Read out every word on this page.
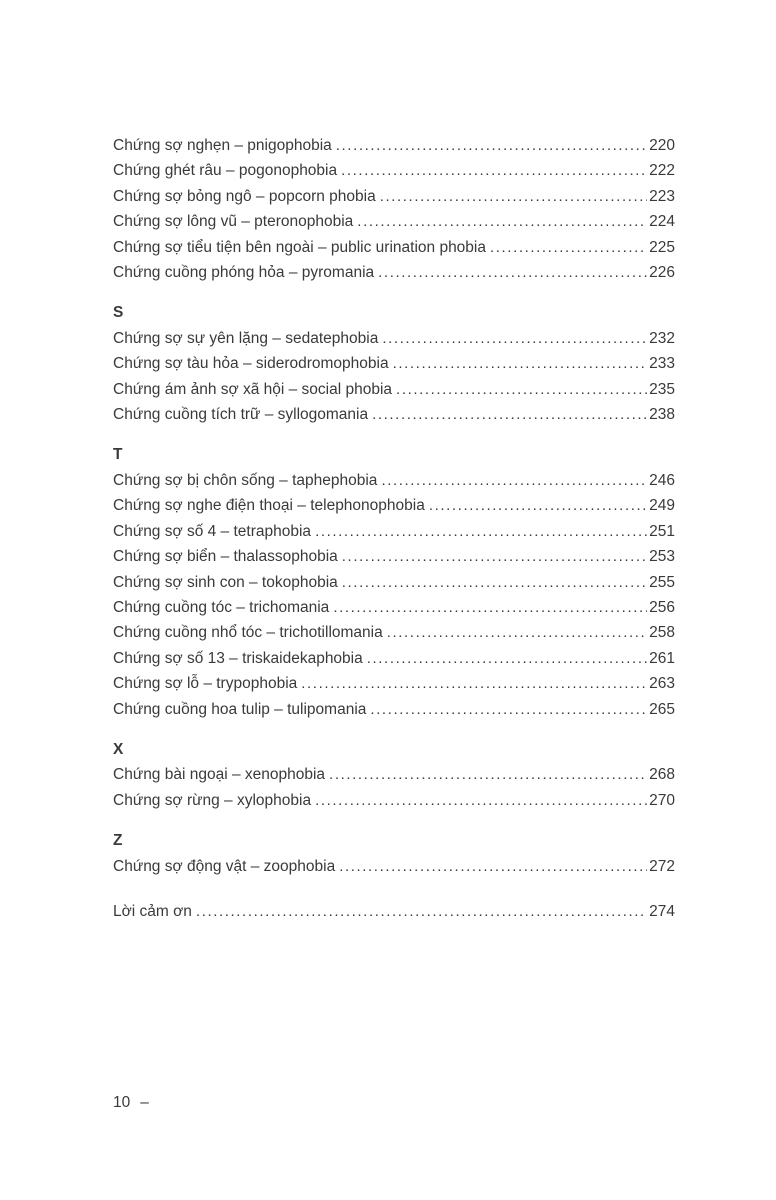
Chứng sợ nghẹn – pnigophobia .....	220
Chứng ghét râu – pogonophobia .....	222
Chứng sợ bỏng ngô – popcorn phobia .....	223
Chứng sợ lông vũ – pteronophobia .....	224
Chứng sợ tiểu tiện bên ngoài – public urination phobia .....	225
Chứng cuồng phóng hỏa – pyromania .....	226
S
Chứng sợ sự yên lặng – sedatephobia .....	232
Chứng sợ tàu hỏa – siderodromophobia .....	233
Chứng ám ảnh sợ xã hội – social phobia .....	235
Chứng cuồng tích trữ – syllogomania .....	238
T
Chứng sợ bị chôn sống – taphephobia .....	246
Chứng sợ nghe điện thoại – telephonophobia .....	249
Chứng sợ số 4 – tetraphobia .....	251
Chứng sợ biển – thalassophobia .....	253
Chứng sợ sinh con – tokophobia .....	255
Chứng cuồng tóc – trichomania .....	256
Chứng cuồng nhổ tóc – trichotillomania .....	258
Chứng sợ số 13 – triskaidekaphobia .....	261
Chứng sợ lỗ – trypophobia .....	263
Chứng cuồng hoa tulip – tulipomania .....	265
X
Chứng bài ngoại – xenophobia .....	268
Chứng sợ rừng – xylophobia .....	270
Z
Chứng sợ động vật – zoophobia .....	272
Lời cảm ơn .....	274
10 –
